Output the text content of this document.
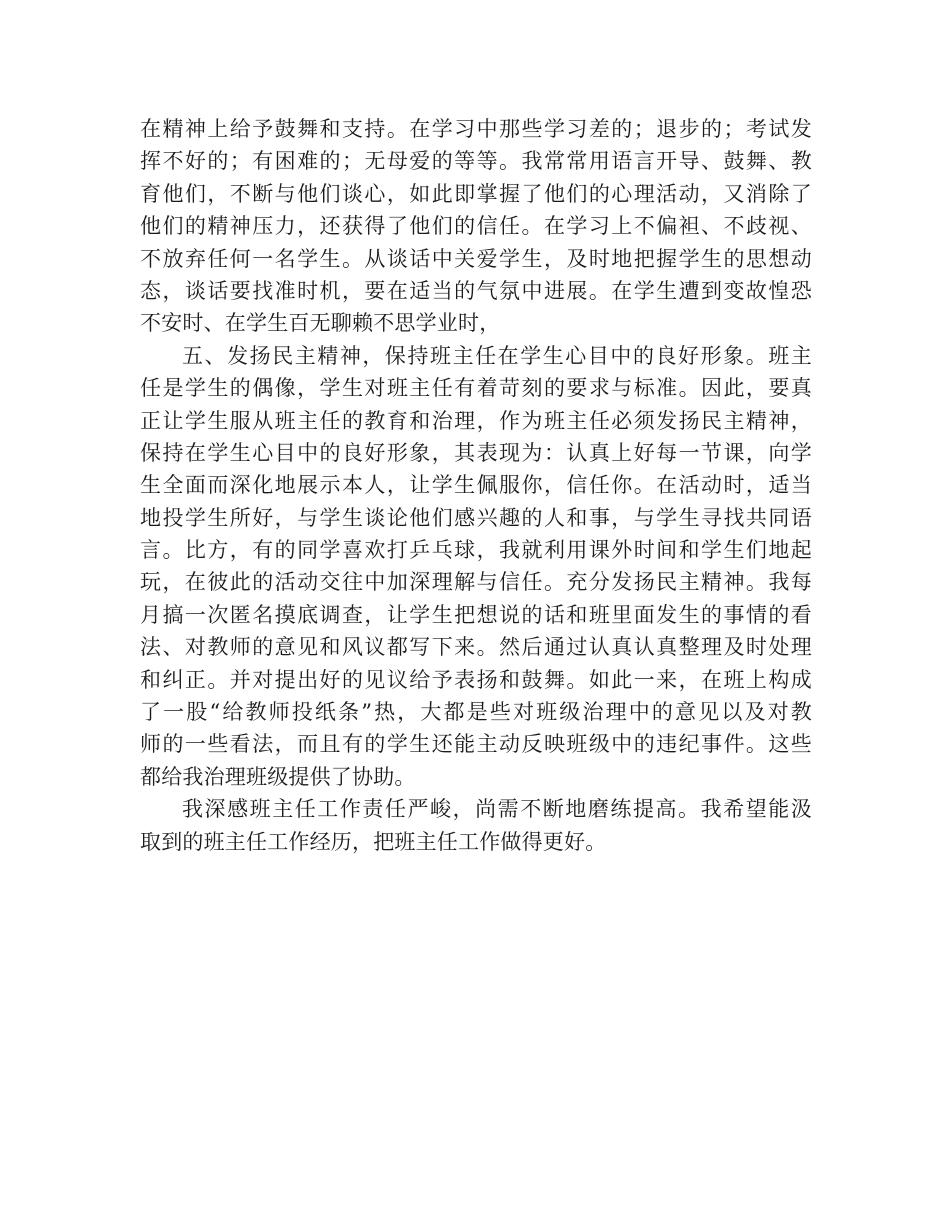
在精神上给予鼓舞和支持。在学习中那些学习差的；退步的；考试发
挥不好的；有困难的；无母爱的等等。我常常用语言开导、鼓舞、教
育他们，不断与他们谈心，如此即掌握了他们的心理活动，又消除了
他们的精神压力，还获得了他们的信任。在学习上不偏袒、不歧视、
不放弃任何一名学生。从谈话中关爱学生，及时地把握学生的思想动
态，谈话要找准时机，要在适当的气氛中进展。在学生遭到变故惶恐
不安时、在学生百无聊赖不思学业时，
五、发扬民主精神，保持班主任在学生心目中的良好形象。班主
任是学生的偶像，学生对班主任有着苛刻的要求与标准。因此，要真
正让学生服从班主任的教育和治理，作为班主任必须发扬民主精神，
保持在学生心目中的良好形象，其表现为：认真上好每一节课，向学
生全面而深化地展示本人，让学生佩服你，信任你。在活动时，适当
地投学生所好，与学生谈论他们感兴趣的人和事，与学生寻找共同语
言。比方，有的同学喜欢打乒乓球，我就利用课外时间和学生们地起
玩，在彼此的活动交往中加深理解与信任。充分发扬民主精神。我每
月搞一次匿名摸底调查，让学生把想说的话和班里面发生的事情的看
法、对教师的意见和风议都写下来。然后通过认真认真整理及时处理
和纠正。并对提出好的见议给予表扬和鼓舞。如此一来，在班上构成
了一股“给教师投纸条”热，大都是些对班级治理中的意见以及对教
师的一些看法，而且有的学生还能主动反映班级中的违纪事件。这些
都给我治理班级提供了协助。
我深感班主任工作责任严峻，尚需不断地磨练提高。我希望能汲
取到的班主任工作经历，把班主任工作做得更好。
